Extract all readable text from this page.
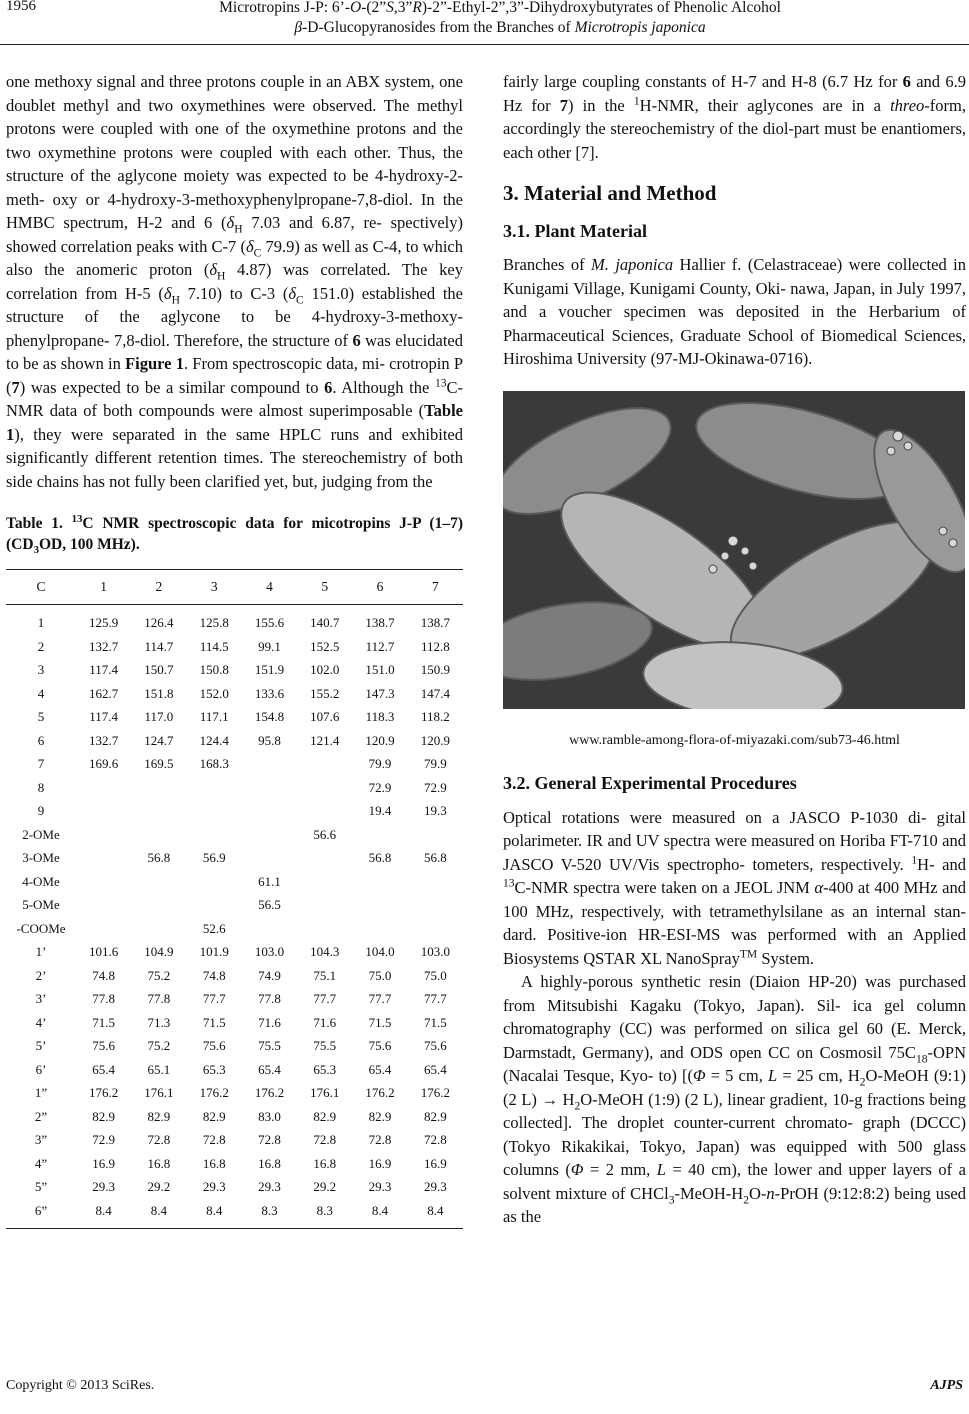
1956	Microtropins J-P: 6’-O-(2”S,3”R)-2”-Ethyl-2”,3”-Dihydroxybutyrates of Phenolic Alcohol
β-D-Glucopyranosides from the Branches of Microtropis japonica

one methoxy signal and three protons couple in an ABX system, one doublet methyl and two oxymethines were observed. The methyl protons were coupled with one of the oxymethine protons and the two oxymethine protons were coupled with each other. Thus, the structure of the aglycone moiety was expected to be 4-hydroxy-2-meth- oxy or 4-hydroxy-3-methoxyphenylpropane-7,8-diol. In the HMBC spectrum, H-2 and 6 ($\delta_H$ 7.03 and 6.87, re- spectively) showed correlation peaks with C-7 ($\delta_C$ 79.9) as well as C-4, to which also the anomeric proton ($\delta_H$ 4.87) was correlated. The key correlation from H-5 ($\delta_H$ 7.10) to C-3 ($\delta_C$ 151.0) established the structure of the aglycone to be 4-hydroxy-3-methoxy-phenylpropane- 7,8-diol. Therefore, the structure of 6 was elucidated to be as shown in Figure 1. From spectroscopic data, mi- crotropin P (7) was expected to be a similar compound to 6. Although the $^{13}$C-NMR data of both compounds were almost superimposable (Table 1), they were separated in the same HPLC runs and exhibited significantly different retention times. The stereochemistry of both side chains has not fully been clarified yet, but, judging from the

Table 1. $^{13}$C NMR spectroscopic data for micotropins J-P (1–7) ($CD_3OD$, 100 MHz).
C	1	2	3	4	5	6	7
1	125.9	126.4	125.8	155.6	140.7	138.7	138.7
2	132.7	114.7	114.5	99.1	152.5	112.7	112.8
3	117.4	150.7	150.8	151.9	102.0	151.0	150.9
4	162.7	151.8	152.0	133.6	155.2	147.3	147.4
5	117.4	117.0	117.1	154.8	107.6	118.3	118.2
6	132.7	124.7	124.4	95.8	121.4	120.9	120.9
7	169.6	169.5	168.3			79.9	79.9
8						72.9	72.9
9						19.4	19.3
2-OMe					56.6		
3-OMe		56.8	56.9			56.8	56.8
4-OMe				61.1			
5-OMe				56.5			
-COOMe			52.6				
1’	101.6	104.9	101.9	103.0	104.3	104.0	103.0
2’	74.8	75.2	74.8	74.9	75.1	75.0	75.0
3’	77.8	77.8	77.7	77.8	77.7	77.7	77.7
4’	71.5	71.3	71.5	71.6	71.6	71.5	71.5
5’	75.6	75.2	75.6	75.5	75.5	75.6	75.6
6’	65.4	65.1	65.3	65.4	65.3	65.4	65.4
1”	176.2	176.1	176.2	176.2	176.1	176.2	176.2
2”	82.9	82.9	82.9	83.0	82.9	82.9	82.9
3”	72.9	72.8	72.8	72.8	72.8	72.8	72.8
4”	16.9	16.8	16.8	16.8	16.8	16.9	16.9
5”	29.3	29.2	29.3	29.3	29.2	29.3	29.3
6”	8.4	8.4	8.4	8.3	8.3	8.4	8.4

fairly large coupling constants of H-7 and H-8 (6.7 Hz for 6 and 6.9 Hz for 7) in the $^1$H-NMR, their aglycones are in a threo-form, accordingly the stereochemistry of the diol-part must be enantiomers, each other [7].

3. Material and Method
3.1. Plant Material

Branches of M. japonica Hallier f. (Celastraceae) were collected in Kunigami Village, Kunigami County, Oki- nawa, Japan, in July 1997, and a voucher specimen was deposited in the Herbarium of Pharmaceutical Sciences, Graduate School of Biomedical Sciences, Hiroshima University (97-MJ-Okinawa-0716).

www.ramble-among-flora-of-miyazaki.com/sub73-46.html
3.2. General Experimental Procedures

Optical rotations were measured on a JASCO P-1030 di- gital polarimeter. IR and UV spectra were measured on Horiba FT-710 and JASCO V-520 UV/Vis spectropho- tometers, respectively. $^1$H- and $^{13}$C-NMR spectra were taken on a JEOL JNM α-400 at 400 MHz and 100 MHz, respectively, with tetramethylsilane as an internal stan- dard. Positive-ion HR-ESI-MS was performed with an Applied Biosystems QSTAR XL NanoSpray™ System.

A highly-porous synthetic resin (Diaion HP-20) was purchased from Mitsubishi Kagaku (Tokyo, Japan). Sil- ica gel column chromatography (CC) was performed on silica gel 60 (E. Merck, Darmstadt, Germany), and ODS open CC on Cosmosil $75C_{18}$-OPN (Nacalai Tesque, Kyo- to) [(Φ = 5 cm, L = 25 cm, $H_2O$-MeOH (9:1) (2 $L) \to H_2O$-MeOH (1:9) (2 L), linear gradient, 10-g fractions being collected]. The droplet counter-current chromato- graph (DCCC) (Tokyo Rikakikai, Tokyo, Japan) was equipped with 500 glass columns (Φ = 2 mm, L = 40 cm), the lower and upper layers of a solvent mixture of $CHCl_3-MeOH-H_2O-n$-PrOH (9:12:8:2) being used as the

Copyright © 2013 SciRes.	AJPS
